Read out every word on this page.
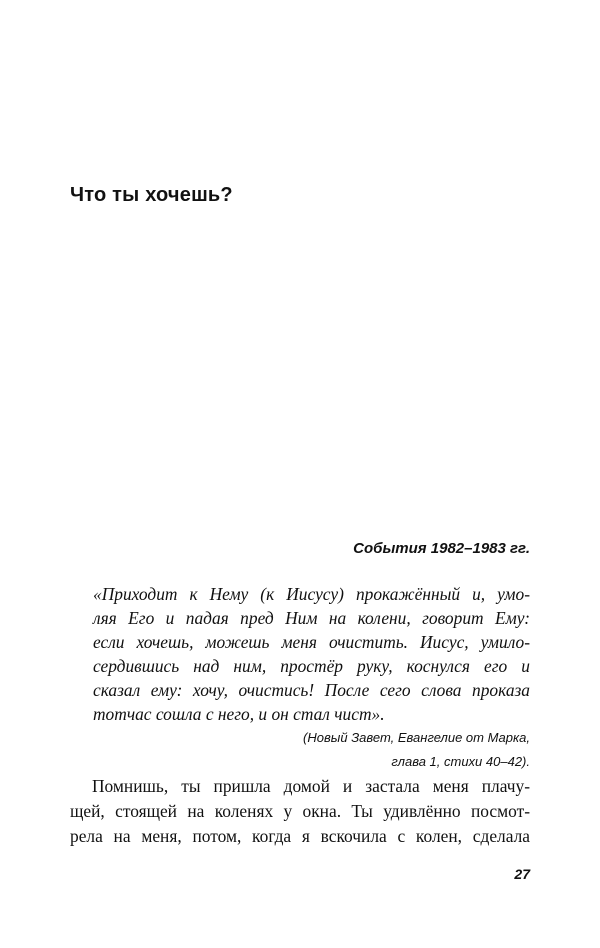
Что ты хочешь?

События 1982–1983 гг.

«Приходит к Нему (к Иисусу) прокажённый и, умо-
ляя Его и падая пред Ним на колени, говорит Ему:
если хочешь, можешь меня очистить. Иисус, умило-
сердившись над ним, простёр руку, коснулся его и
сказал ему: хочу, очистись! После сего слова проказа
тотчас сошла с него, и он стал чист».
(Новый Завет, Евангелие от Марка,
глава 1, стихи 40–42).
Помнишь, ты пришла домой и застала меня плачу-
щей, стоящей на коленях у окна. Ты удивлённо посмот-
рела на меня, потом, когда я вскочила с колен, сделала

27
